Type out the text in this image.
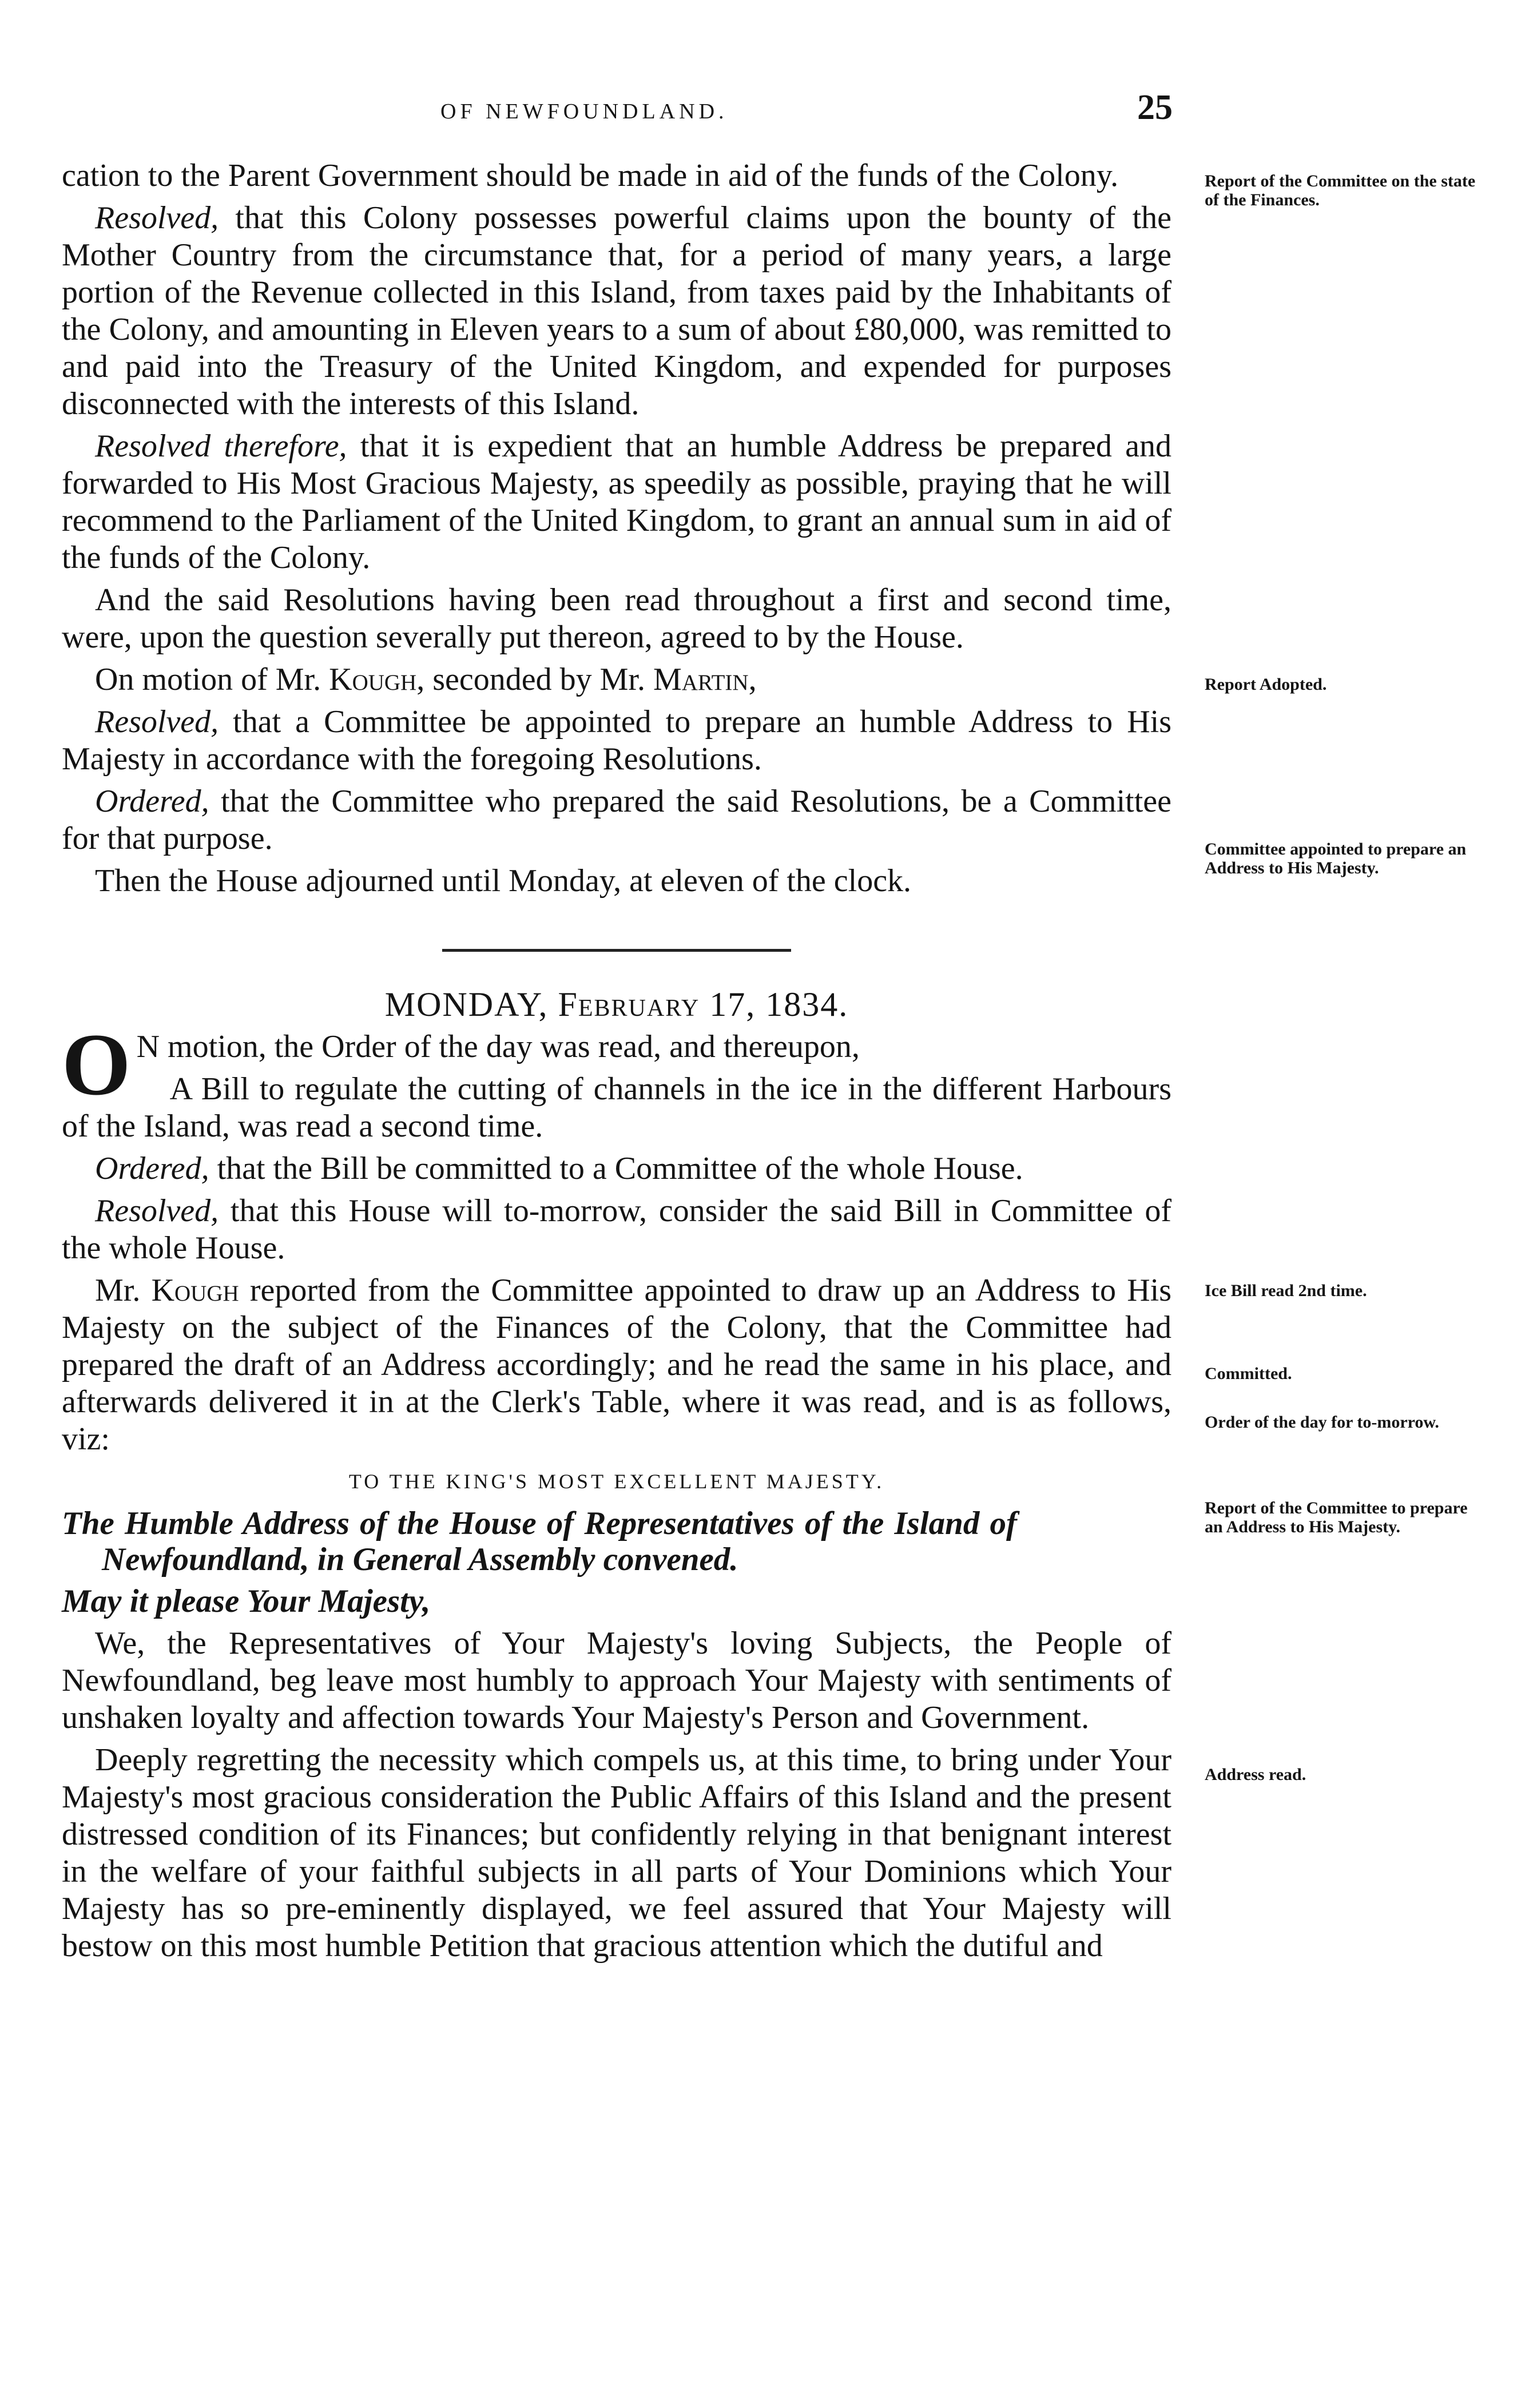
OF NEWFOUNDLAND.	25

cation to the Parent Government should be made in aid of the funds of the Colony.

Resolved, that this Colony possesses powerful claims upon the bounty of the Mother Country from the circumstance that, for a period of many years, a large portion of the Revenue collected in this Island, from taxes paid by the Inhabitants of the Colony, and amounting in Eleven years to a sum of about £80,000, was remitted to and paid into the Treasury of the United Kingdom, and expended for purposes disconnected with the interests of this Island.

Resolved therefore, that it is expedient that an humble Address be prepared and forwarded to His Most Gracious Majesty, as speedily as possible, praying that he will recommend to the Parliament of the United Kingdom, to grant an annual sum in aid of the funds of the Colony.

And the said Resolutions having been read throughout a first and second time, were, upon the question severally put thereon, agreed to by the House.

On motion of Mr. Kough, seconded by Mr. Martin,

Resolved, that a Committee be appointed to prepare an humble Address to His Majesty in accordance with the foregoing Resolutions.

Ordered, that the Committee who prepared the said Resolutions, be a Committee for that purpose.

Then the House adjourned until Monday, at eleven of the clock.

MONDAY, February 17, 1834.

O N motion, the Order of the day was read, and thereupon,

A Bill to regulate the cutting of channels in the ice in the different Harbours of the Island, was read a second time.

Ordered, that the Bill be committed to a Committee of the whole House.

Resolved, that this House will to-morrow, consider the said Bill in Committee of the whole House.

Mr. Kough reported from the Committee appointed to draw up an Address to His Majesty on the subject of the Finances of the Colony, that the Committee had prepared the draft of an Address accordingly; and he read the same in his place, and afterwards delivered it in at the Clerk's Table, where it was read, and is as follows, viz:

TO THE KING'S MOST EXCELLENT MAJESTY.

The Humble Address of the House of Representatives of the Island of Newfoundland, in General Assembly convened.

May it please Your Majesty,

We, the Representatives of Your Majesty's loving Subjects, the People of Newfoundland, beg leave most humbly to approach Your Majesty with sentiments of unshaken loyalty and affection towards Your Majesty's Person and Government.

Deeply regretting the necessity which compels us, at this time, to bring under Your Majesty's most gracious consideration the Public Affairs of this Island and the present distressed condition of its Finances; but confidently relying in that benignant interest in the welfare of your faithful subjects in all parts of Your Dominions which Your Majesty has so pre-eminently displayed, we feel assured that Your Majesty will bestow on this most humble Petition that gracious attention which the dutiful and

Report of the Committee on the state of the Finances.
Report Adopted.
Committee appointed to prepare an Address to His Majesty.
Ice Bill read 2nd time.
Committed.
Order of the day for to-morrow.
Report of the Committee to prepare an Address to His Majesty.
Address read.
